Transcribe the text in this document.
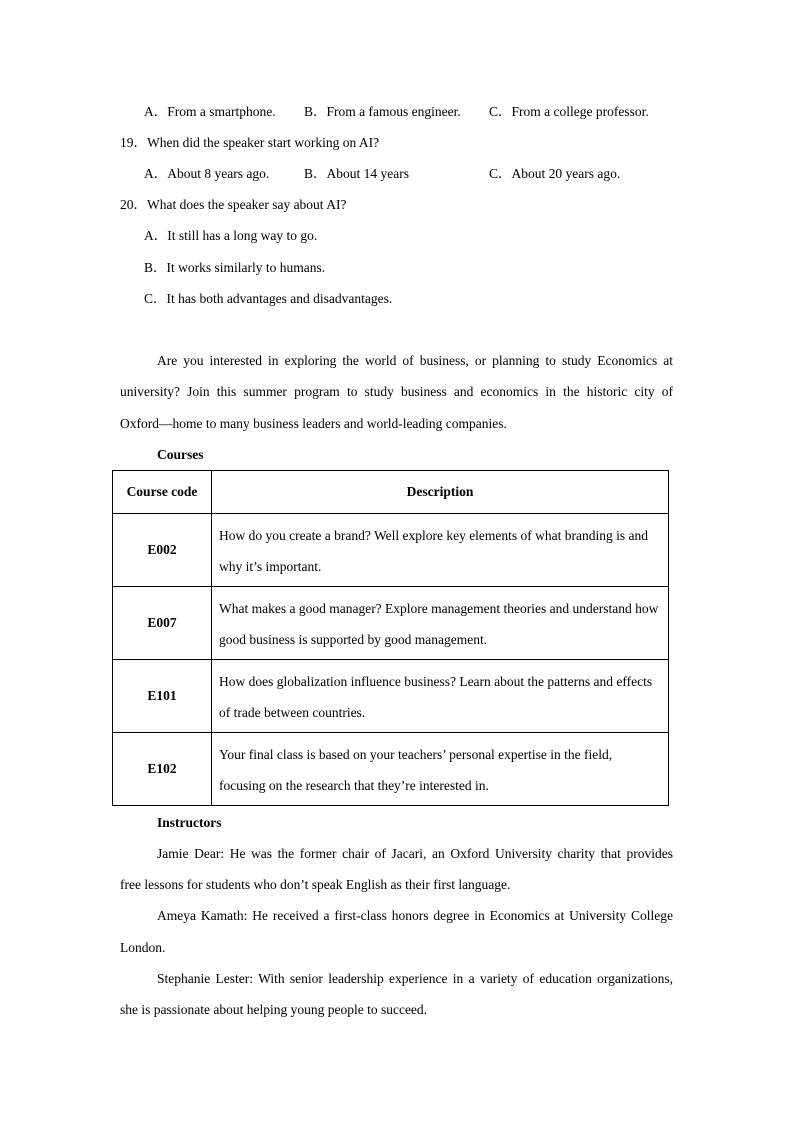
A．From a smartphone. B．From a famous engineer. C．From a college professor.
19．When did the speaker start working on AI?
A．About 8 years ago.	B．About 14 years	C．About 20 years ago.
20．What does the speaker say about AI?
A．It still has a long way to go.
B．It works similarly to humans.
C．It has both advantages and disadvantages.
Are you interested in exploring the world of business, or planning to study Economics at
university? Join this summer program to study business and economics in the historic city of
Oxford—home to many business leaders and world-leading companies.
Courses
Course code	Description
E002	How do you create a brand? Well explore key elements of what branding is and why it’s important.
E007	What makes a good manager? Explore management theories and understand how good business is supported by good management.
E101	How does globalization influence business? Learn about the patterns and effects of trade between countries.
E102	Your final class is based on your teachers’ personal expertise in the field, focusing on the research that they’re interested in.
Instructors
Jamie Dear: He was the former chair of Jacari, an Oxford University charity that provides
free lessons for students who don’t speak English as their first language.
Ameya Kamath: He received a first-class honors degree in Economics at University College
London.
Stephanie Lester: With senior leadership experience in a variety of education organizations,
she is passionate about helping young people to succeed.
